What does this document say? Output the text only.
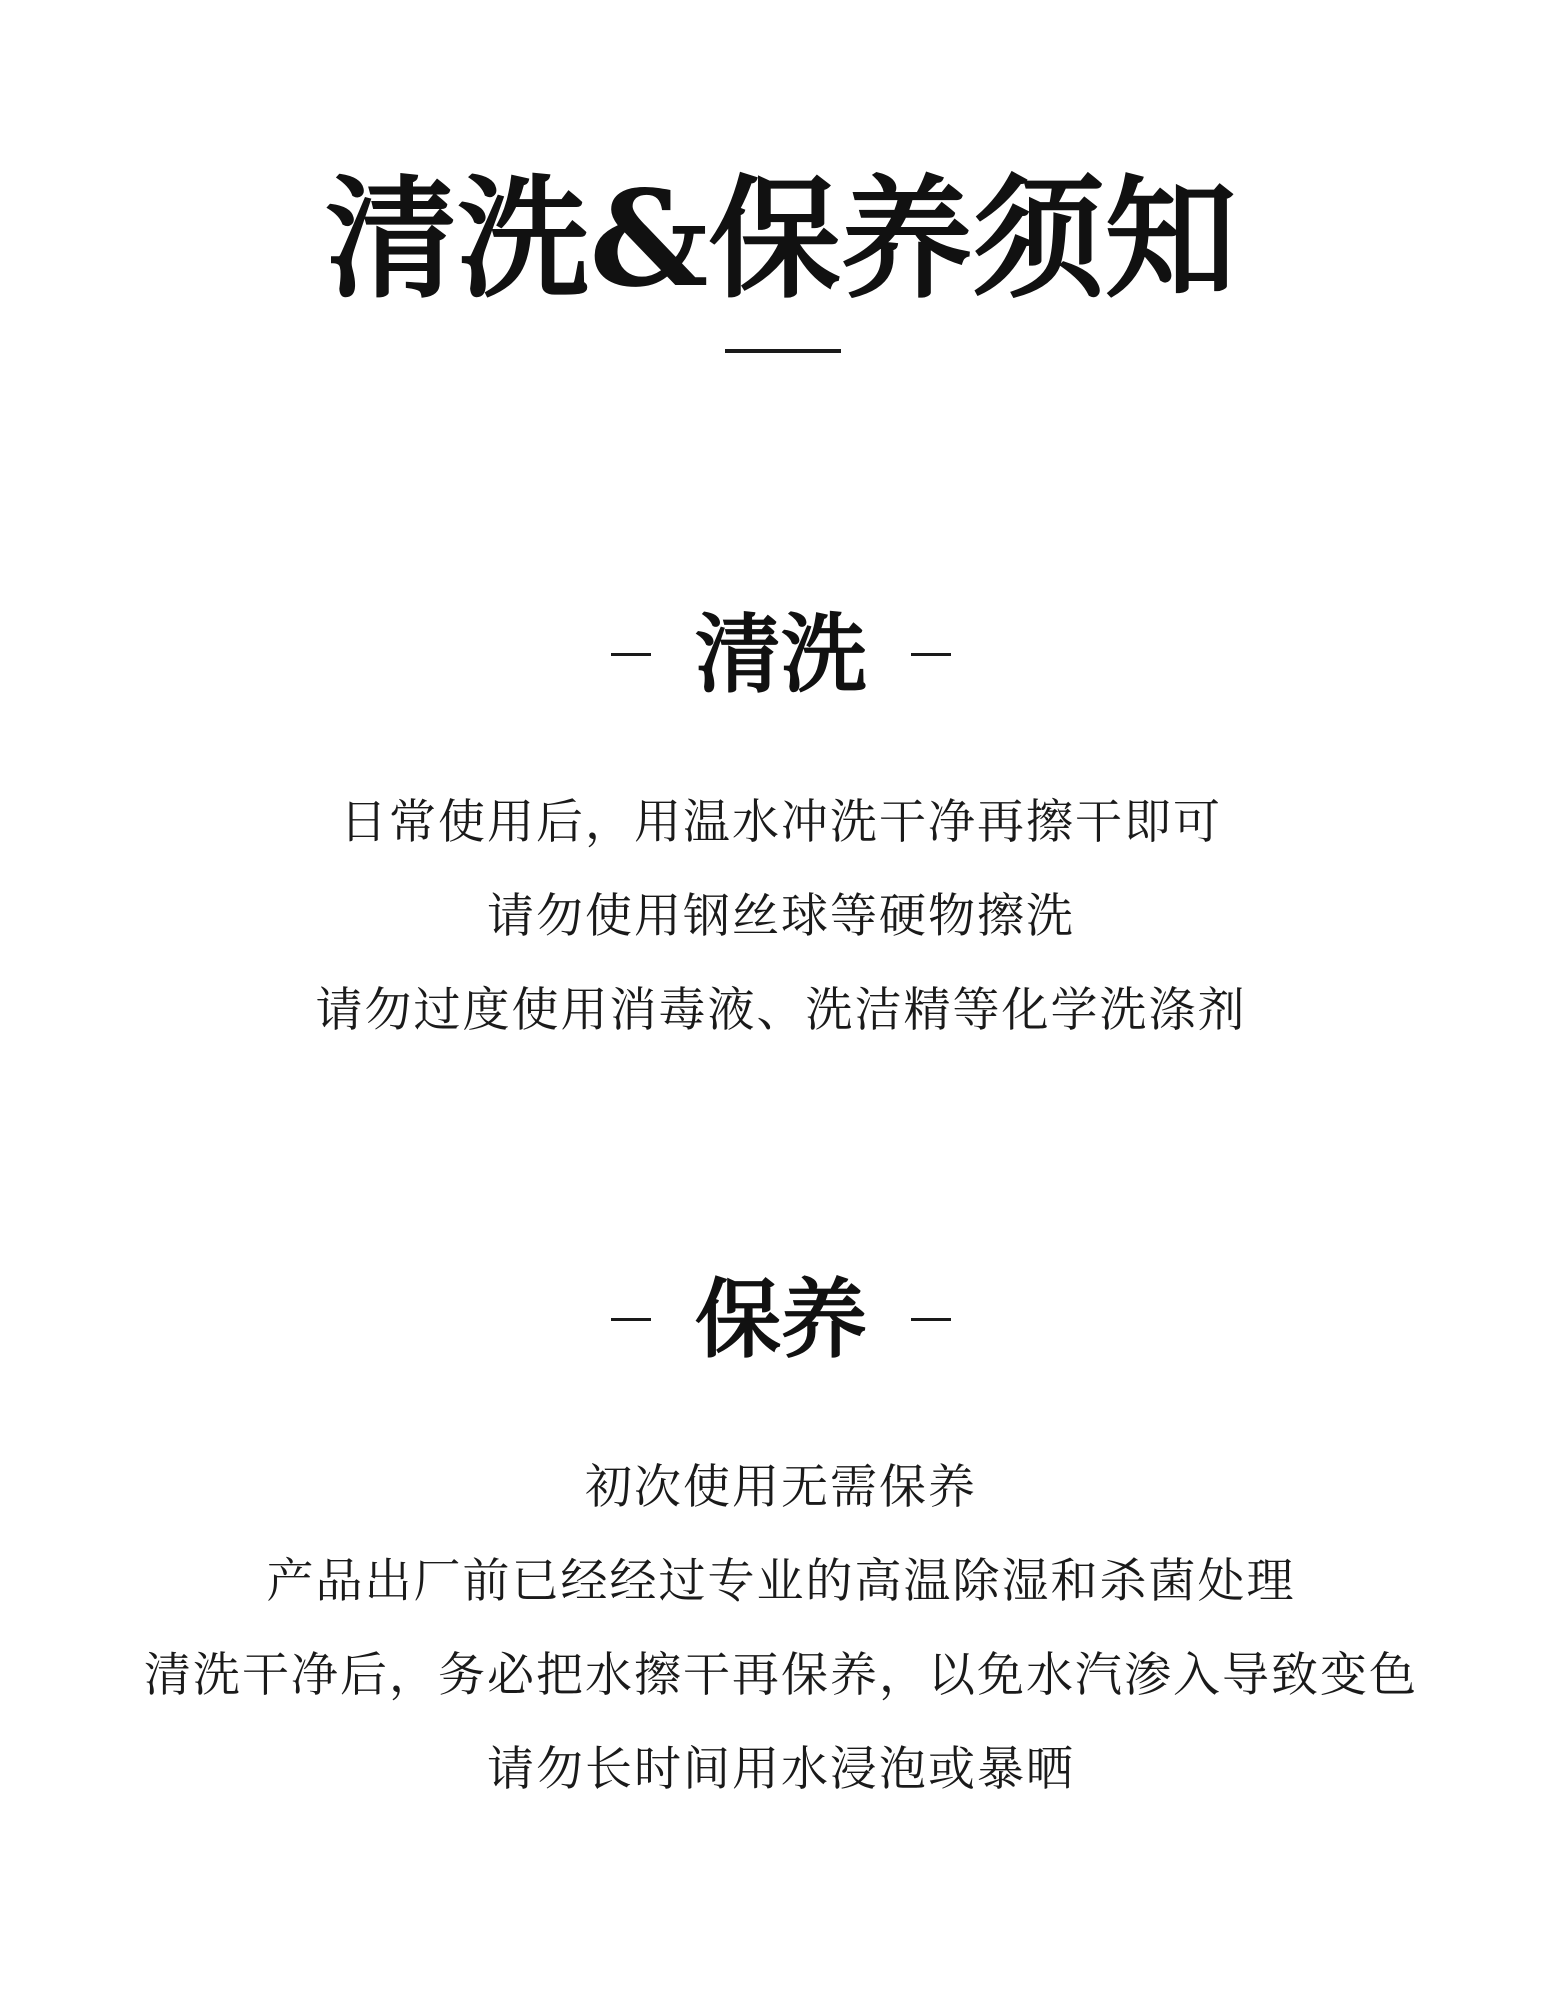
清洗&保养须知
清洗
日常使用后，用温水冲洗干净再擦干即可
请勿使用钢丝球等硬物擦洗
请勿过度使用消毒液、洗洁精等化学洗涤剂
保养
初次使用无需保养
产品出厂前已经经过专业的高温除湿和杀菌处理
清洗干净后，务必把水擦干再保养，以免水汽渗入导致变色
请勿长时间用水浸泡或暴晒
